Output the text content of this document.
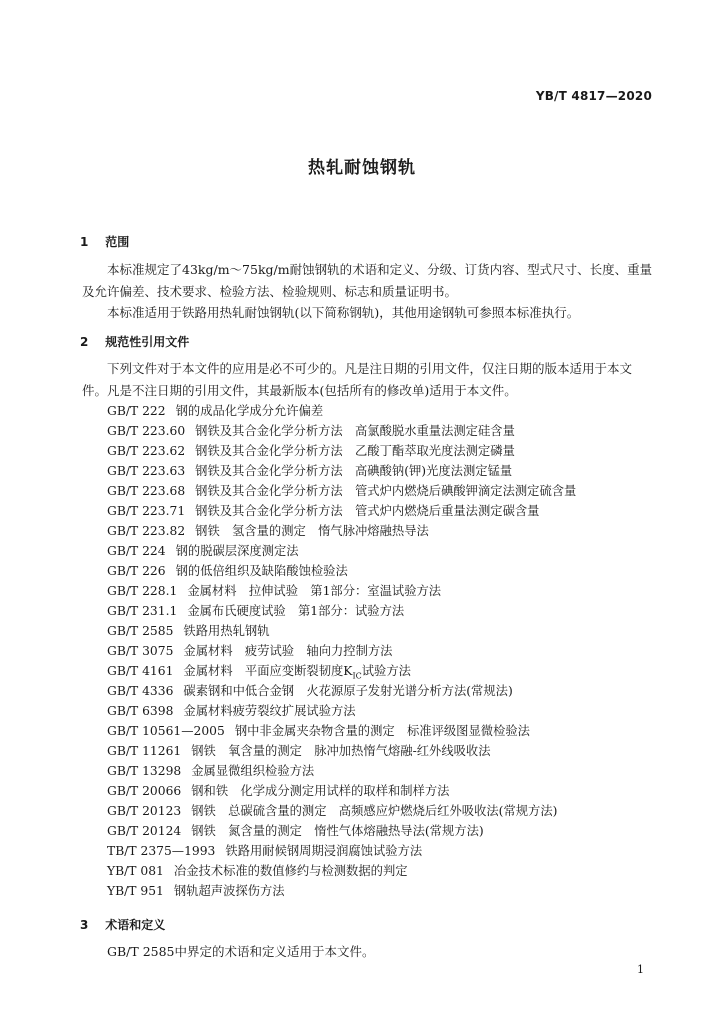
YB/T 4817—2020
热轧耐蚀钢轨
1 范围

本标准规定了43kg/m～75kg/m耐蚀钢轨的术语和定义、分级、订货内容、型式尺寸、长度、重量及允许偏差、技术要求、检验方法、检验规则、标志和质量证明书。

本标准适用于铁路用热轧耐蚀钢轨(以下简称钢轨)，其他用途钢轨可参照本标准执行。

2 规范性引用文件

下列文件对于本文件的应用是必不可少的。凡是注日期的引用文件，仅注日期的版本适用于本文件。凡是不注日期的引用文件，其最新版本(包括所有的修改单)适用于本文件。

GB/T 222 钢的成品化学成分允许偏差
GB/T 223.60 钢铁及其合金化学分析方法　高氯酸脱水重量法测定硅含量
GB/T 223.62 钢铁及其合金化学分析方法　乙酸丁酯萃取光度法测定磷量
GB/T 223.63 钢铁及其合金化学分析方法　高碘酸钠(钾)光度法测定锰量
GB/T 223.68 钢铁及其合金化学分析方法　管式炉内燃烧后碘酸钾滴定法测定硫含量
GB/T 223.71 钢铁及其合金化学分析方法　管式炉内燃烧后重量法测定碳含量
GB/T 223.82 钢铁　氢含量的测定　惰气脉冲熔融热导法
GB/T 224 钢的脱碳层深度测定法
GB/T 226 钢的低倍组织及缺陷酸蚀检验法
GB/T 228.1 金属材料　拉伸试验　第1部分：室温试验方法
GB/T 231.1 金属布氏硬度试验　第1部分：试验方法
GB/T 2585 铁路用热轧钢轨
GB/T 3075 金属材料　疲劳试验　轴向力控制方法
GB/T 4161 金属材料　平面应变断裂韧度$K_{IC}$试验方法
GB/T 4336 碳素钢和中低合金钢　火花源原子发射光谱分析方法(常规法)
GB/T 6398 金属材料疲劳裂纹扩展试验方法
GB/T 10561—2005 钢中非金属夹杂物含量的测定　标准评级图显微检验法
GB/T 11261 钢铁　氧含量的测定　脉冲加热惰气熔融-红外线吸收法
GB/T 13298 金属显微组织检验方法
GB/T 20066 钢和铁　化学成分测定用试样的取样和制样方法
GB/T 20123 钢铁　总碳硫含量的测定　高频感应炉燃烧后红外吸收法(常规方法)
GB/T 20124 钢铁　氮含量的测定　惰性气体熔融热导法(常规方法)
TB/T 2375—1993 铁路用耐候钢周期浸润腐蚀试验方法
YB/T 081 冶金技术标准的数值修约与检测数据的判定
YB/T 951 钢轨超声波探伤方法
3 术语和定义

GB/T 2585中界定的术语和定义适用于本文件。

1
